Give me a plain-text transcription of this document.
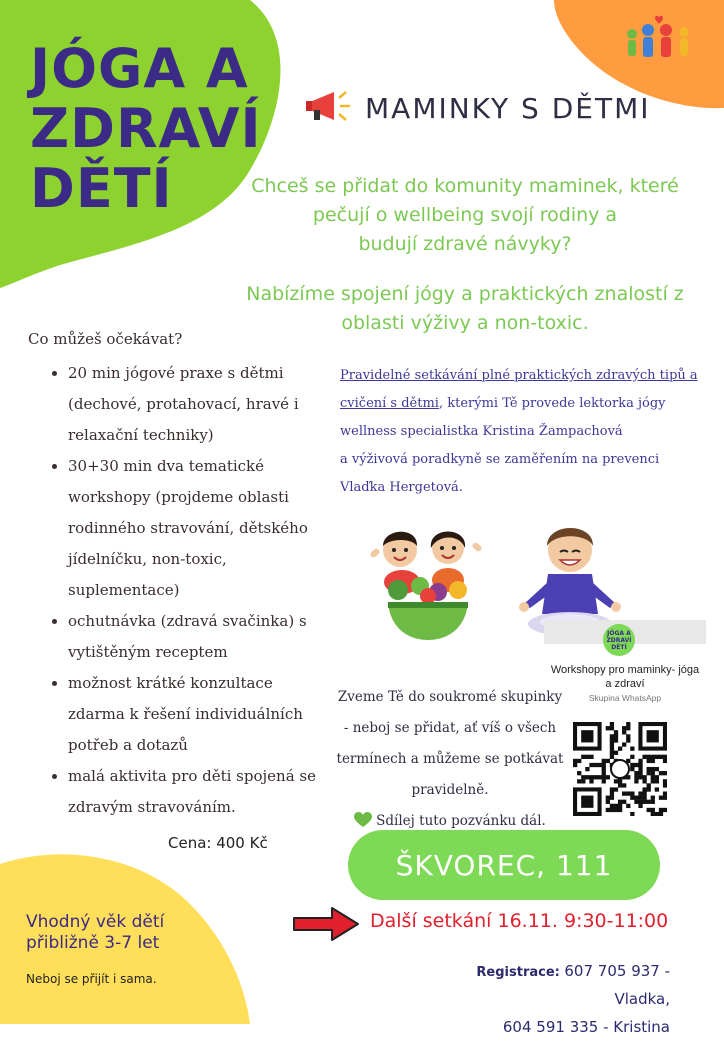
JÓGA A
ZDRAVÍ
DĚTÍ
MAMINKY S DĚTMI
Chceš se přidat do komunity maminek, které
pečují o wellbeing svojí rodiny a
budují zdravé návyky?
Nabízíme spojení jógy a praktických znalostí z
oblasti výživy a non-toxic.
Co můžeš očekávat?
• 20 min jógové praxe s dětmi (dechové, protahovací, hravé i relaxační techniky)
• 30+30 min dva tematické workshopy (projdeme oblasti rodinného stravování, dětského jídelníčku, non-toxic, suplementace)
• ochutnávka (zdravá svačinka) s vytištěným receptem
• možnost krátké konzultace zdarma k řešení individuálních potřeb a dotazů
• malá aktivita pro děti spojená se zdravým stravováním.
Pravidelné setkávání plné praktických zdravých tipů a cvičení s dětmi, kterými Tě provede lektorka jógy
wellness specialistka Kristina Žampachová
a výživová poradkyně se zaměřením na prevenci
Vlaďka Hergetová.
JÓGA A
ZDRAVÍ
DĚTÍ
Workshopy pro maminky- jóga
a zdraví
Skupina WhatsApp
Zveme Tě do soukromé skupinky
- neboj se přidat, ať víš o všech
termínech a můžeme se potkávat
pravidelně.
Sdílej tuto pozvánku dál.
Cena: 400 Kč
ŠKVOREC, 111
Další setkání 16.11. 9:30-11:00
Registrace: 607 705 937 - Vladka,
604 591 335 - Kristina
Vhodný věk dětí
přibližně 3-7 let
Neboj se přijít i sama.
